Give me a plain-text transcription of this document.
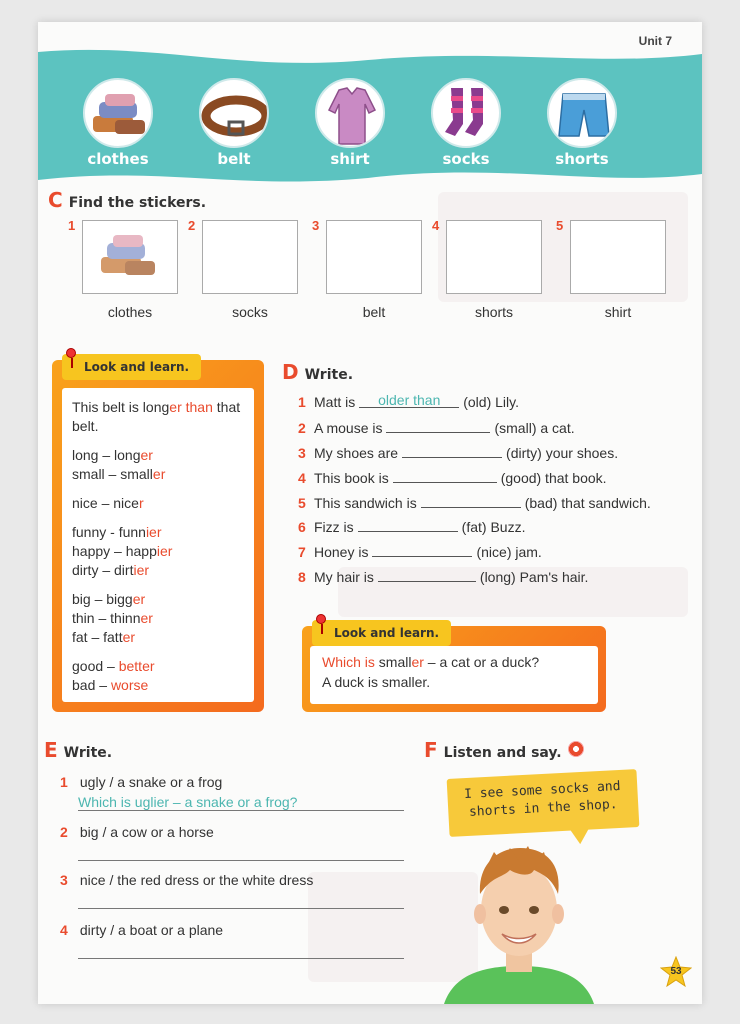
clothes	belt	shirt	socks	shorts
Unit 7
C Find the stickers.
1
clothes
2
socks
3
belt
4
shorts
5
shirt
Look and learn.
This belt is longer than that belt.
long – longer
small – smaller
nice – nicer
funny - funnier
happy – happier
dirty – dirtier
big – bigger
thin – thinner
fat – fatter
good – better
bad – worse
D Write.
1 Matt is	older than	(old) Lily.
2 A mouse is	(small) a cat.
3 My shoes are	(dirty) your shoes.
4 This book is	(good) that book.
5 This sandwich is	(bad) that sandwich.
6 Fizz is	(fat) Buzz.
7 Honey is	(nice) jam.
8 My hair is	(long) Pam's hair.
Look and learn.
Which is smaller – a cat or a duck?
A duck is smaller.
E Write.
1 ugly / a snake or a frog
Which is uglier – a snake or a frog?
2 big / a cow or a horse
3 nice / the red dress or the white dress
4 dirty / a boat or a plane
F Listen and say.
I see some socks and
shorts in the shop.
53
